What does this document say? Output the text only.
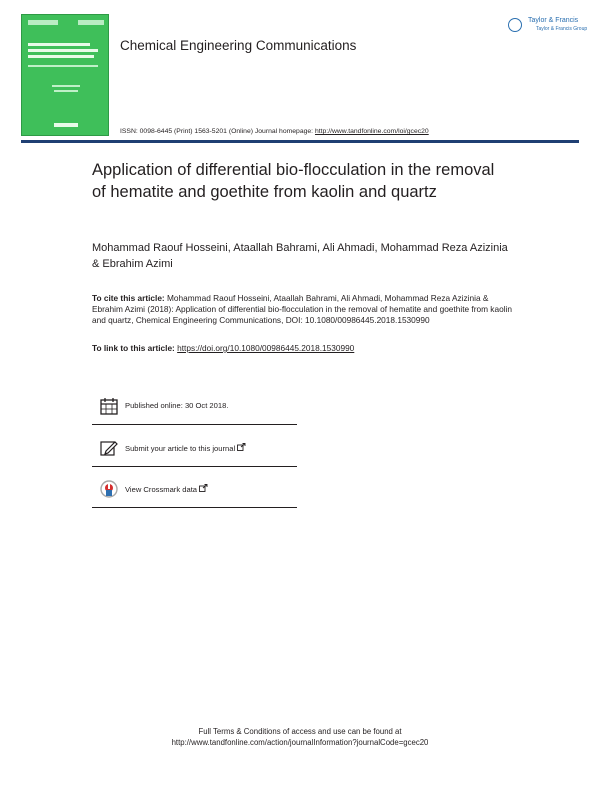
Taylor & Francis
Taylor & Francis Group
Chemical Engineering Communications
ISSN: 0098-6445 (Print) 1563-5201 (Online) Journal homepage: http://www.tandfonline.com/loi/gcec20
Application of differential bio-flocculation in the removal of hematite and goethite from kaolin and quartz
Mohammad Raouf Hosseini, Ataallah Bahrami, Ali Ahmadi, Mohammad Reza Azizinia & Ebrahim Azimi
To cite this article: Mohammad Raouf Hosseini, Ataallah Bahrami, Ali Ahmadi, Mohammad Reza Azizinia & Ebrahim Azimi (2018): Application of differential bio-flocculation in the removal of hematite and goethite from kaolin and quartz, Chemical Engineering Communications, DOI: 10.1080/00986445.2018.1530990
To link to this article: https://doi.org/10.1080/00986445.2018.1530990
Published online: 30 Oct 2018.
Submit your article to this journal
View Crossmark data
Full Terms & Conditions of access and use can be found at
http://www.tandfonline.com/action/journalInformation?journalCode=gcec20
